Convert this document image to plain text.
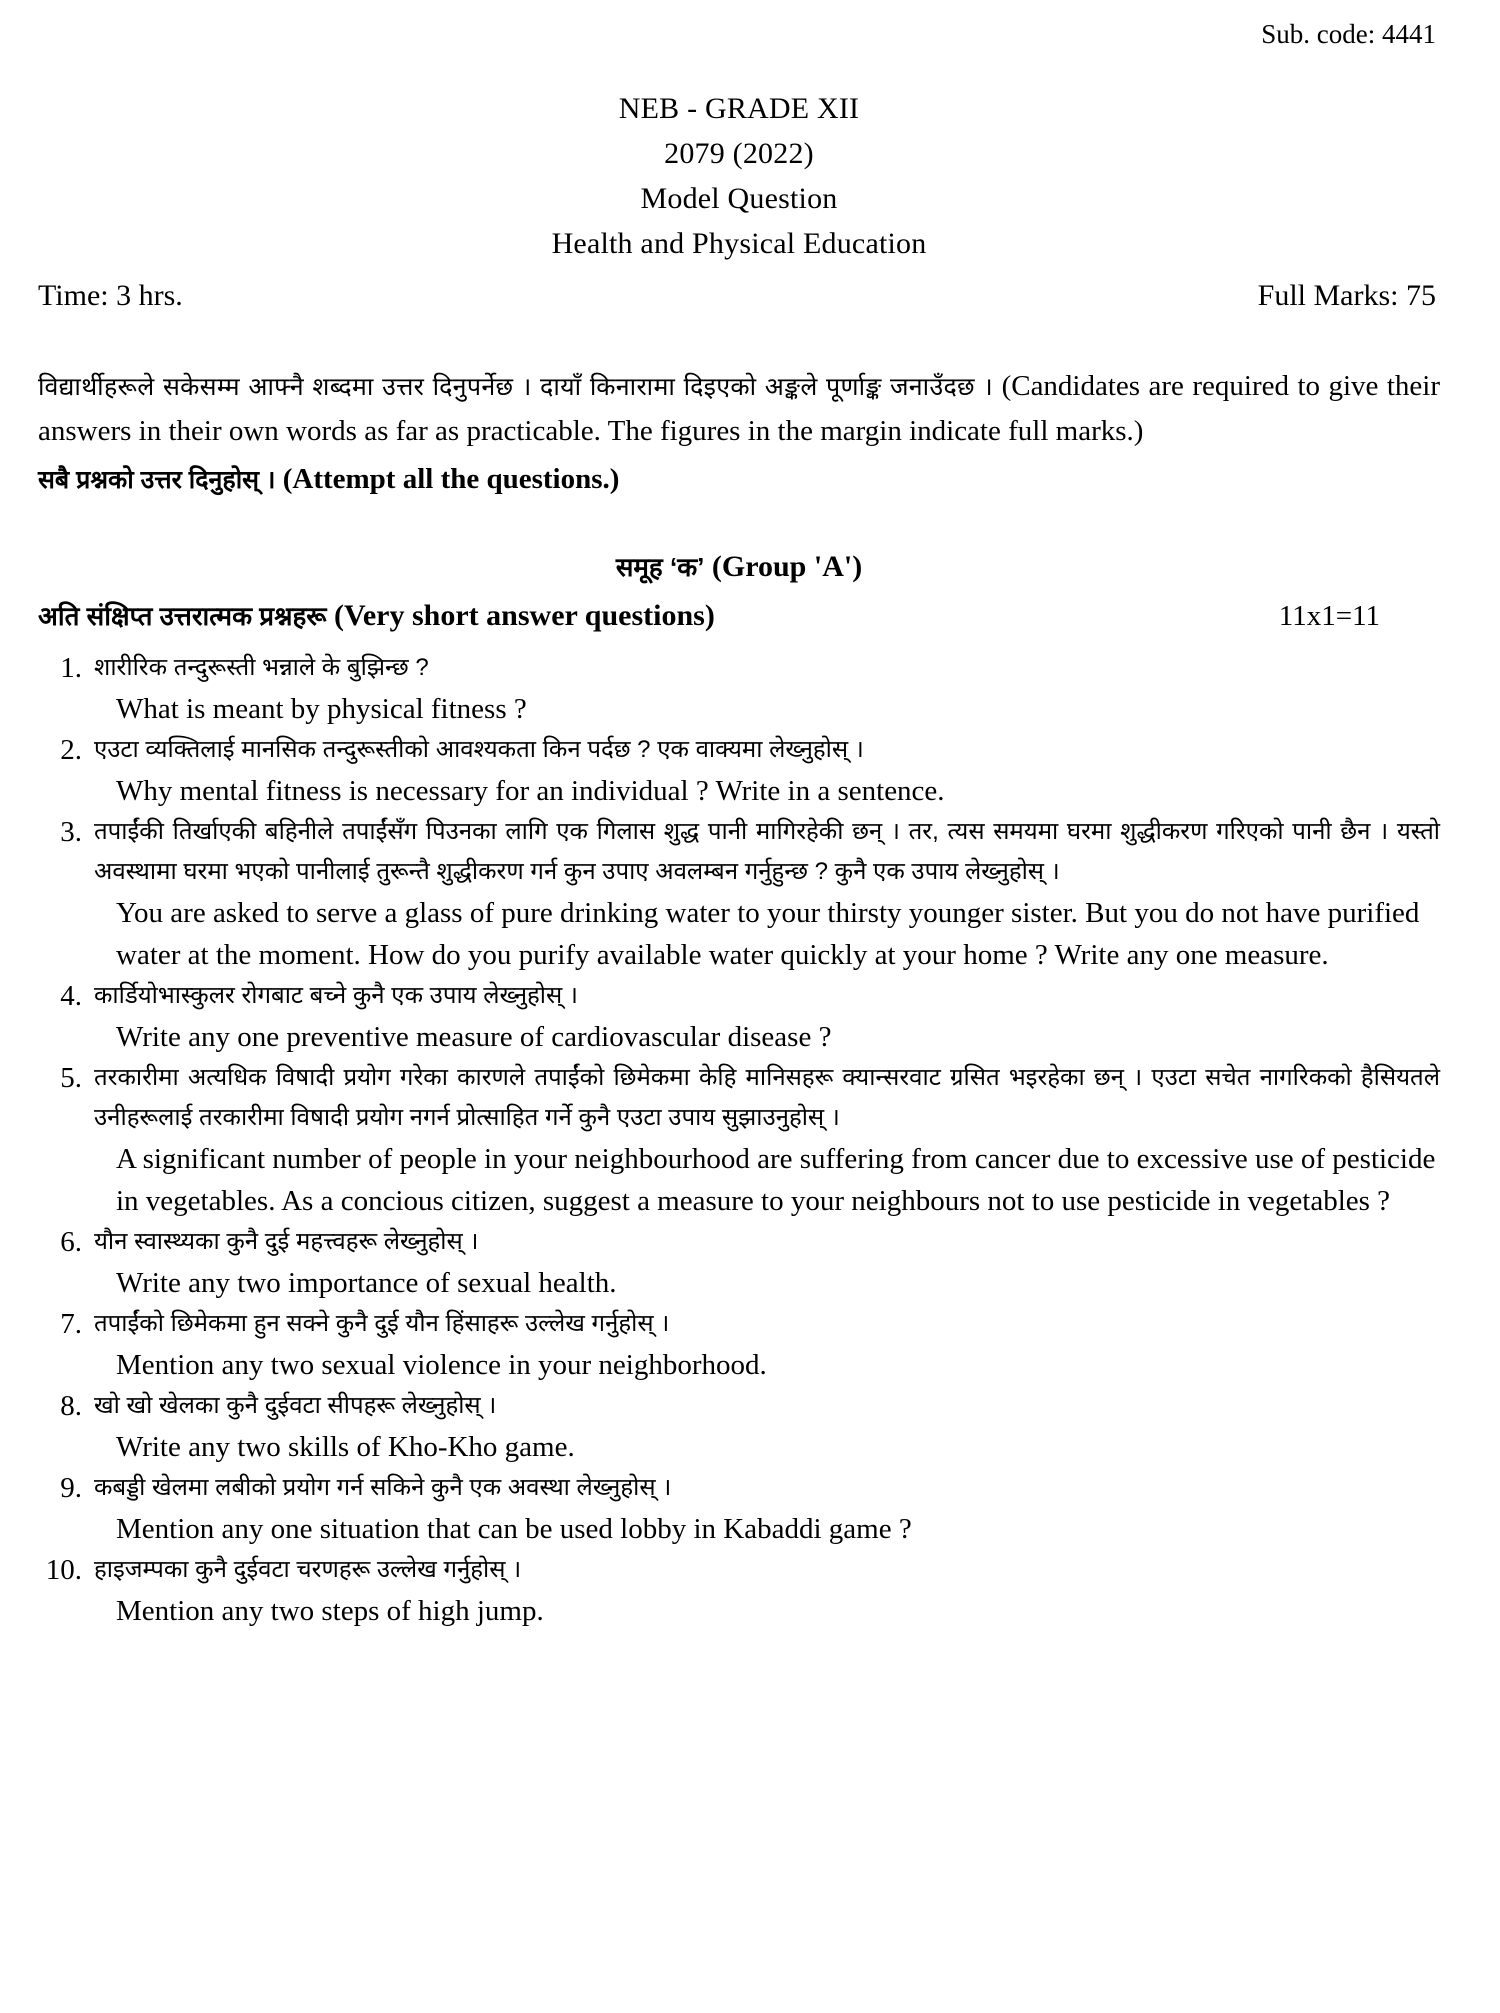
Sub. code: 4441
NEB - GRADE XII
2079 (2022)
Model Question
Health and Physical Education
Time: 3 hrs.	Full Marks: 75
विद्यार्थीहरूले सकेसम्म आफ्नै शब्दमा उत्तर दिनुपर्नेछ । दायाँ किनारामा दिइएको अङ्कले पूर्णाङ्क जनाउँदछ । (Candidates are required to give their answers in their own words as far as practicable. The figures in the margin indicate full marks.)
सबै प्रश्नको उत्तर दिनुहोस् । (Attempt all the questions.)
समूह ‘क’ (Group 'A')
अति संक्षिप्त उत्तरात्मक प्रश्नहरू (Very short answer questions)	11x1=11
1. शारीरिक तन्दुरूस्ती भन्नाले के बुझिन्छ ?
What is meant by physical fitness ?
2. एउटा व्यक्तिलाई मानसिक तन्दुरूस्तीको आवश्यकता किन पर्दछ ? एक वाक्यमा लेख्नुहोस् ।
Why mental fitness is necessary for an individual ? Write in a sentence.
3. तपाईंकी तिर्खाएकी बहिनीले तपाईंसँग पिउनका लागि एक गिलास शुद्ध पानी मागिरहेकी छन् । तर, त्यस समयमा घरमा शुद्धीकरण गरिएको पानी छैन । यस्तो अवस्थामा घरमा भएको पानीलाई तुरून्तै शुद्धीकरण गर्न कुन उपाए अवलम्बन गर्नुहुन्छ ? कुनै एक उपाय लेख्नुहोस् ।
You are asked to serve a glass of pure drinking water to your thirsty younger sister. But you do not have purified water at the moment. How do you purify available water quickly at your home ? Write any one measure.
4. कार्डियोभास्कुलर रोगबाट बच्ने कुनै एक उपाय लेख्नुहोस् ।
Write any one preventive measure of cardiovascular disease ?
5. तरकारीमा अत्यधिक विषादी प्रयोग गरेका कारणले तपाईंको छिमेकमा केहि मानिसहरू क्यान्सरवाट ग्रसित भइरहेका छन् । एउटा सचेत नागरिकको हैसियतले उनीहरूलाई तरकारीमा विषादी प्रयोग नगर्न प्रोत्साहित गर्ने कुनै एउटा उपाय सुझाउनुहोस् ।
A significant number of people in your neighbourhood are suffering from cancer due to excessive use of pesticide in vegetables. As a concious citizen, suggest a measure to your neighbours not to use pesticide in vegetables ?
6. यौन स्वास्थ्यका कुनै दुई महत्त्वहरू लेख्नुहोस् ।
Write any two importance of sexual health.
7. तपाईंको छिमेकमा हुन सक्ने कुनै दुई यौन हिंसाहरू उल्लेख गर्नुहोस् ।
Mention any two sexual violence in your neighborhood.
8. खो खो खेलका कुनै दुईवटा सीपहरू लेख्नुहोस् ।
Write any two skills of Kho-Kho game.
9. कबड्डी खेलमा लबीको प्रयोग गर्न सकिने कुनै एक अवस्था लेख्नुहोस् ।
Mention any one situation that can be used lobby in Kabaddi game ?
10. हाइजम्पका कुनै दुईवटा चरणहरू उल्लेख गर्नुहोस् ।
Mention any two steps of high jump.
